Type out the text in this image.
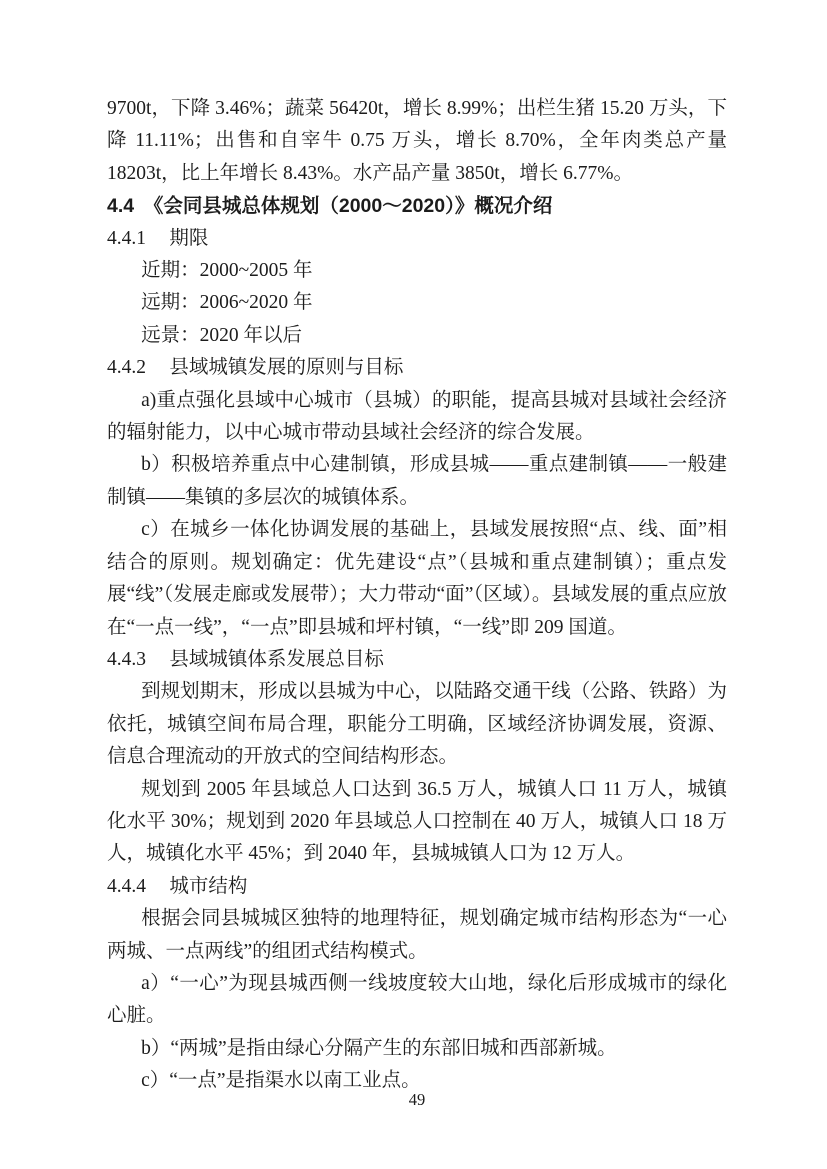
9700t，下降 3.46%；蔬菜 56420t，增长 8.99%；出栏生猪 15.20 万头，下降 11.11%；出售和自宰牛 0.75 万头，增长 8.70%，全年肉类总产量 18203t，比上年增长 8.43%。水产品产量 3850t，增长 6.77%。

4.4 《会同县城总体规划（2000～2020）》概况介绍
4.4.1 期限

近期：2000~2005 年

远期：2006~2020 年

远景：2020 年以后

4.4.2 县域城镇发展的原则与目标

a)重点强化县域中心城市（县城）的职能，提高县城对县域社会经济的辐射能力，以中心城市带动县域社会经济的综合发展。

b）积极培养重点中心建制镇，形成县城——重点建制镇——一般建制镇——集镇的多层次的城镇体系。

c）在城乡一体化协调发展的基础上，县域发展按照“点、线、面”相结合的原则。规划确定：优先建设“点”（县城和重点建制镇）；重点发展“线”（发展走廊或发展带）；大力带动“面”（区域）。县域发展的重点应放在“一点一线”，“一点”即县城和坪村镇，“一线”即 209 国道。

4.4.3 县域城镇体系发展总目标

到规划期末，形成以县城为中心，以陆路交通干线（公路、铁路）为依托，城镇空间布局合理，职能分工明确，区域经济协调发展，资源、信息合理流动的开放式的空间结构形态。

规划到 2005 年县域总人口达到 36.5 万人，城镇人口 11 万人，城镇化水平 30%；规划到 2020 年县域总人口控制在 40 万人，城镇人口 18 万人，城镇化水平 45%；到 2040 年，县城城镇人口为 12 万人。

4.4.4 城市结构

根据会同县城城区独特的地理特征，规划确定城市结构形态为“一心两城、一点两线”的组团式结构模式。

a）“一心”为现县城西侧一线坡度较大山地，绿化后形成城市的绿化心脏。

b）“两城”是指由绿心分隔产生的东部旧城和西部新城。

c）“一点”是指渠水以南工业点。

49
